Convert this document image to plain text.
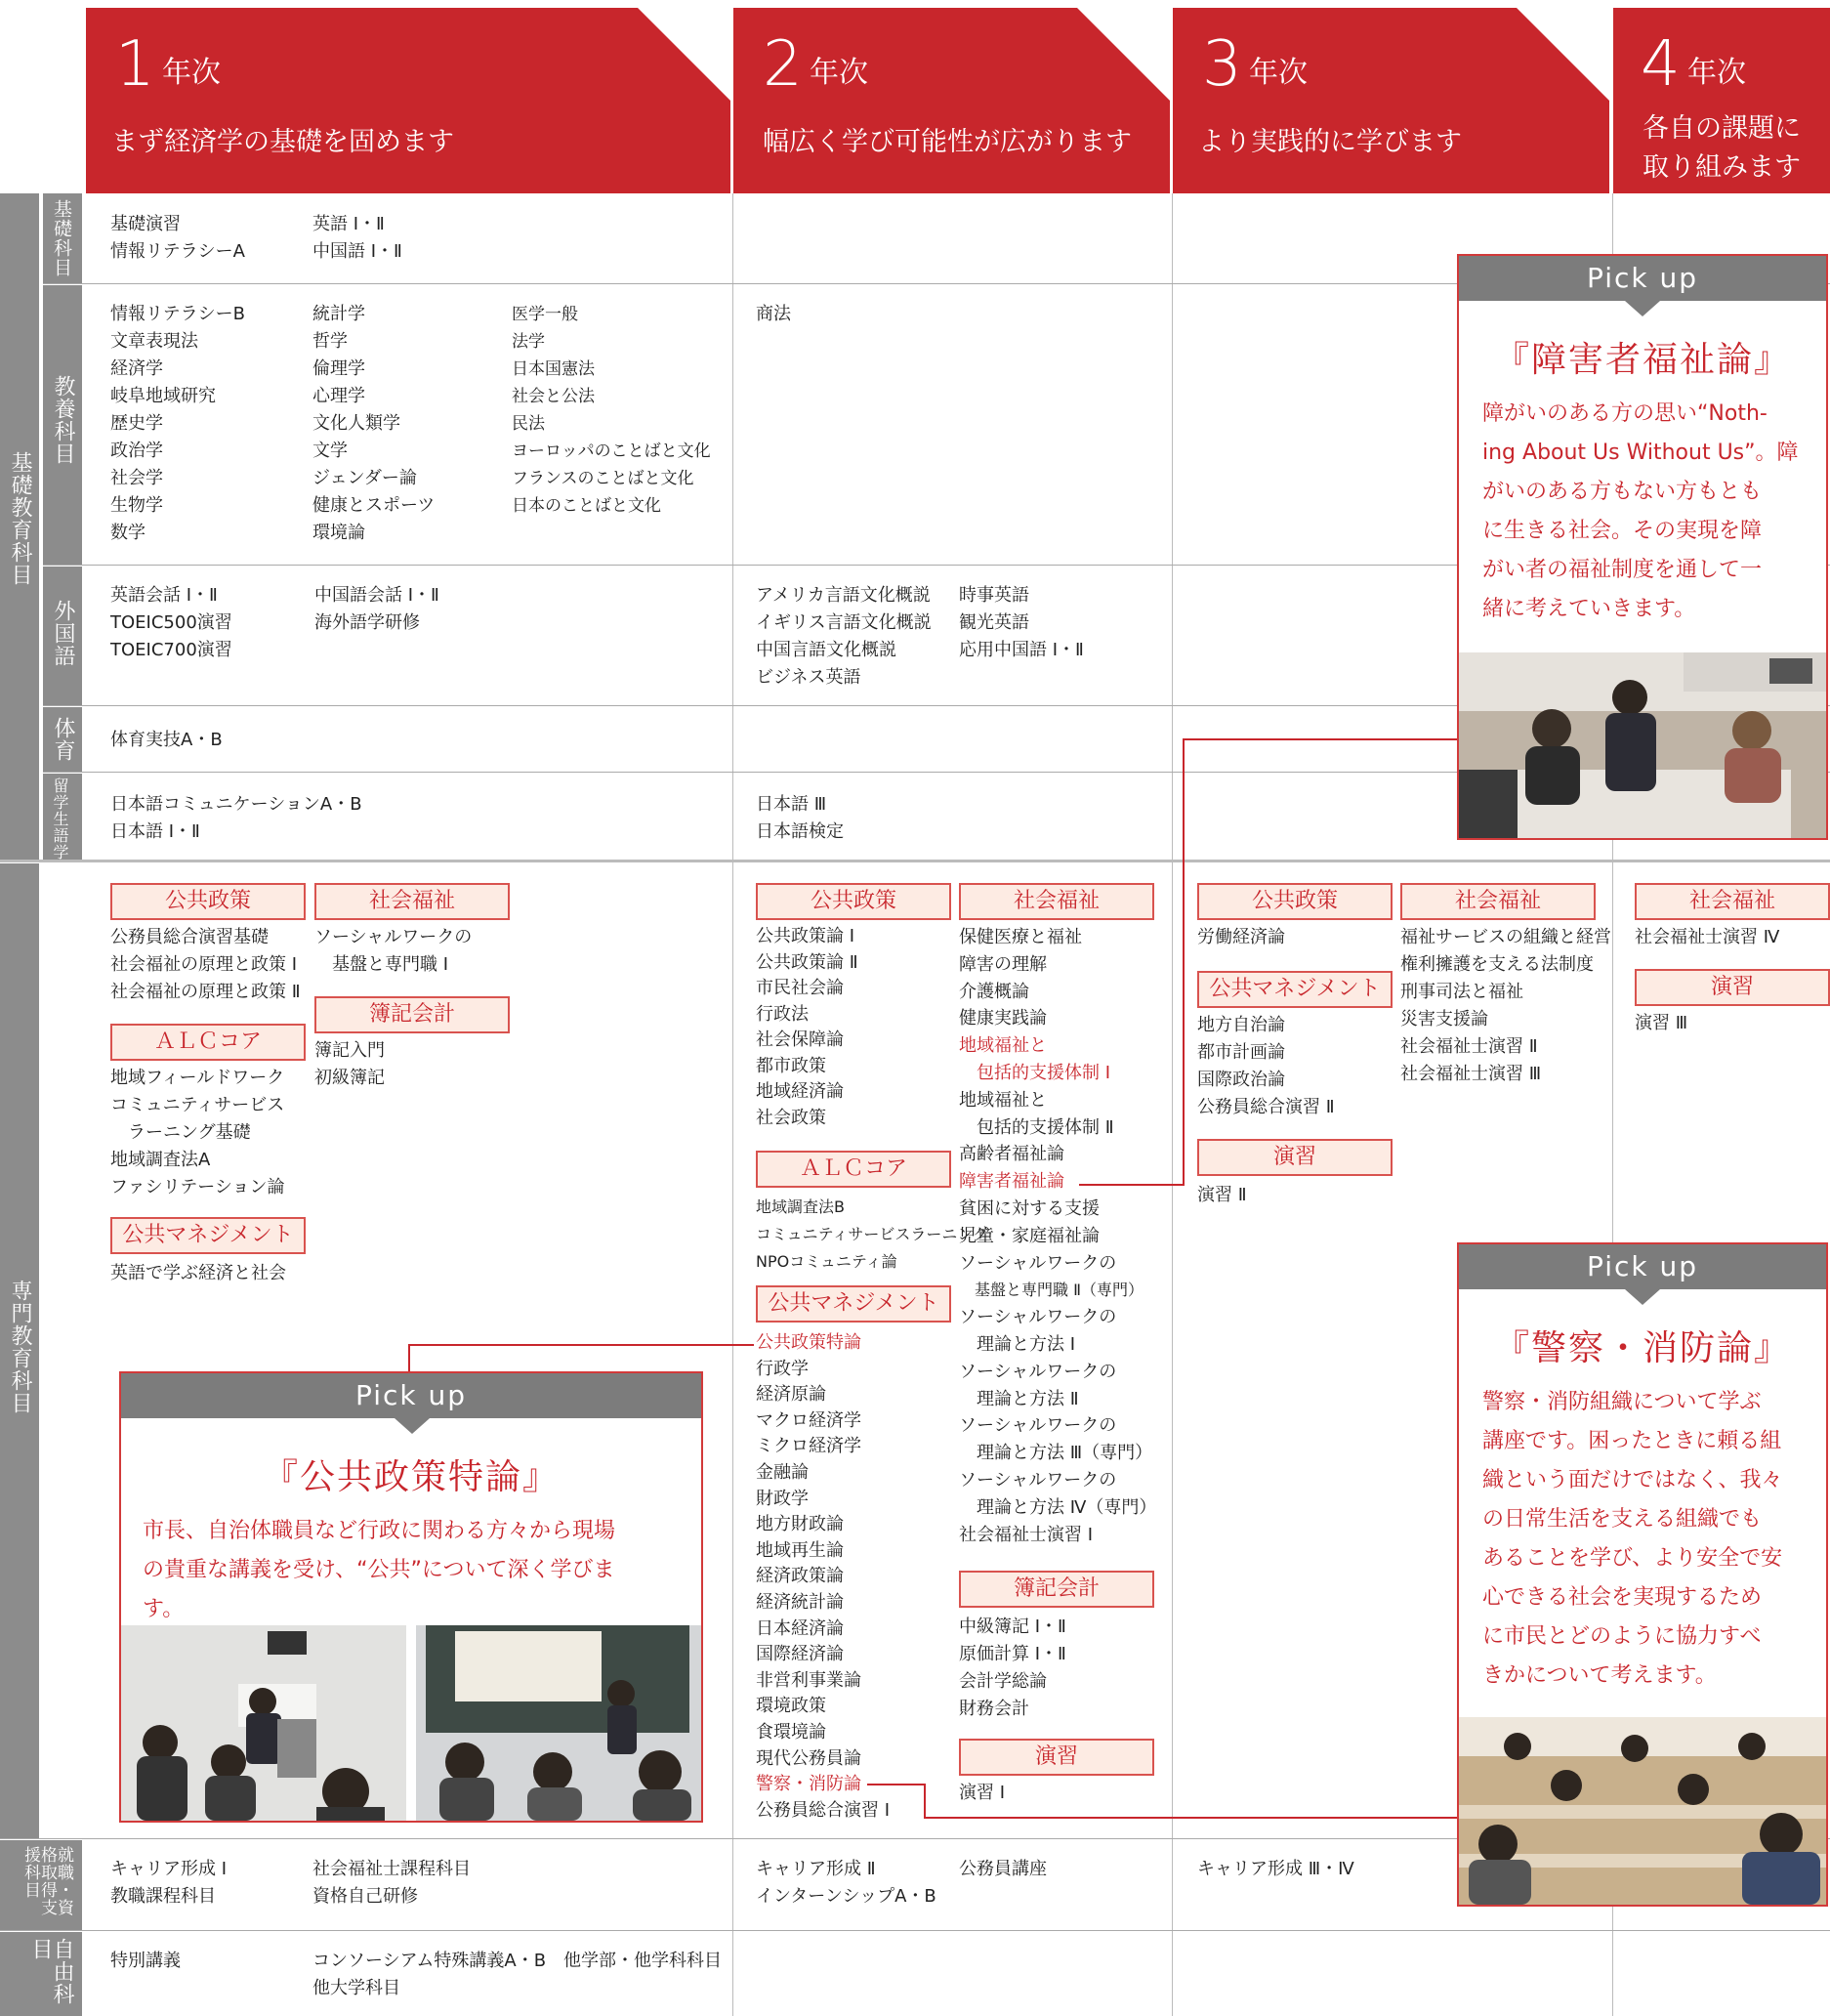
1 年次
まず経済学の基礎を固めます
2 年次
幅広く学び可能性が広がります
3 年次
より実践的に学びます
4 年次
各自の課題に
取り組みます
基礎教育科目
基礎科目
教養科目
外国語
体育
留学生語学
専門教育科目
就職・資格取得支援科目
自由科目
基礎演習
情報リテラシーA
英語 Ⅰ・Ⅱ
中国語 Ⅰ・Ⅱ
情報リテラシーB
文章表現法
経済学
岐阜地域研究
歴史学
政治学
社会学
生物学
数学
統計学
哲学
倫理学
心理学
文化人類学
文学
ジェンダー論
健康とスポーツ
環境論
医学一般
法学
日本国憲法
社会と公法
民法
ヨーロッパのことばと文化
フランスのことばと文化
日本のことばと文化
商法
英語会話 Ⅰ・Ⅱ
TOEIC500演習
TOEIC700演習
中国語会話 Ⅰ・Ⅱ
海外語学研修
アメリカ言語文化概説
イギリス言語文化概説
中国言語文化概説
ビジネス英語
時事英語
観光英語
応用中国語 Ⅰ・Ⅱ
体育実技A・B
日本語コミュニケーションA・B
日本語 Ⅰ・Ⅱ
日本語 Ⅲ
日本語検定
公共政策
公務員総合演習基礎
社会福祉の原理と政策 Ⅰ
社会福祉の原理と政策 Ⅱ
ＡＬＣコア
地域フィールドワーク
コミュニティサービス
　ラーニング基礎
地域調査法A
ファシリテーション論
公共マネジメント
英語で学ぶ経済と社会
社会福祉
ソーシャルワークの
　基盤と専門職 Ⅰ
簿記会計
簿記入門
初級簿記
公共政策
公共政策論 Ⅰ
公共政策論 Ⅱ
市民社会論
行政法
社会保障論
都市政策
地域経済論
社会政策
ＡＬＣコア
地域調査法B
コミュニティサービスラーニング
NPOコミュニティ論
公共マネジメント
公共政策特論
行政学
経済原論
マクロ経済学
ミクロ経済学
金融論
財政学
地方財政論
地域再生論
経済政策論
経済統計論
日本経済論
国際経済論
非営利事業論
環境政策
食環境論
現代公務員論
警察・消防論
公務員総合演習 Ⅰ
社会福祉
保健医療と福祉
障害の理解
介護概論
健康実践論
地域福祉と
　包括的支援体制 Ⅰ
地域福祉と
　包括的支援体制 Ⅱ
高齢者福祉論
障害者福祉論
貧困に対する支援
児童・家庭福祉論
ソーシャルワークの
　基盤と専門職 Ⅱ（専門）
ソーシャルワークの
　理論と方法 Ⅰ
ソーシャルワークの
　理論と方法 Ⅱ
ソーシャルワークの
　理論と方法 Ⅲ（専門）
ソーシャルワークの
　理論と方法 Ⅳ（専門）
社会福祉士演習 Ⅰ
簿記会計
中級簿記 Ⅰ・Ⅱ
原価計算 Ⅰ・Ⅱ
会計学総論
財務会計
演習
演習 Ⅰ
公共政策
労働経済論
公共マネジメント
地方自治論
都市計画論
国際政治論
公務員総合演習 Ⅱ
演習
演習 Ⅱ
社会福祉
福祉サービスの組織と経営
権利擁護を支える法制度
刑事司法と福祉
災害支援論
社会福祉士演習 Ⅱ
社会福祉士演習 Ⅲ
社会福祉
社会福祉士演習 Ⅳ
演習
演習 Ⅲ
キャリア形成 Ⅰ
教職課程科目
社会福祉士課程科目
資格自己研修
キャリア形成 Ⅱ
インターンシップA・B
公務員講座	キャリア形成 Ⅲ・Ⅳ
特別講義	コンソーシアム特殊講義A・B　他学部・他学科科目
他大学科目
Pick up
『障害者福祉論』
障がいのある方の思い“Noth-
ing About Us Without Us”。障
がいのある方もない方もとも
に生きる社会。その実現を障
がい者の福祉制度を通して一
緒に考えていきます。
Pick up
『警察・消防論』
警察・消防組織について学ぶ
講座です。困ったときに頼る組
織という面だけではなく、我々
の日常生活を支える組織でも
あることを学び、より安全で安
心できる社会を実現するため
に市民とどのように協力すべ
きかについて考えます。
Pick up
『公共政策特論』
市長、自治体職員など行政に関わる方々から現場
の貴重な講義を受け、“公共”について深く学びま
す。
